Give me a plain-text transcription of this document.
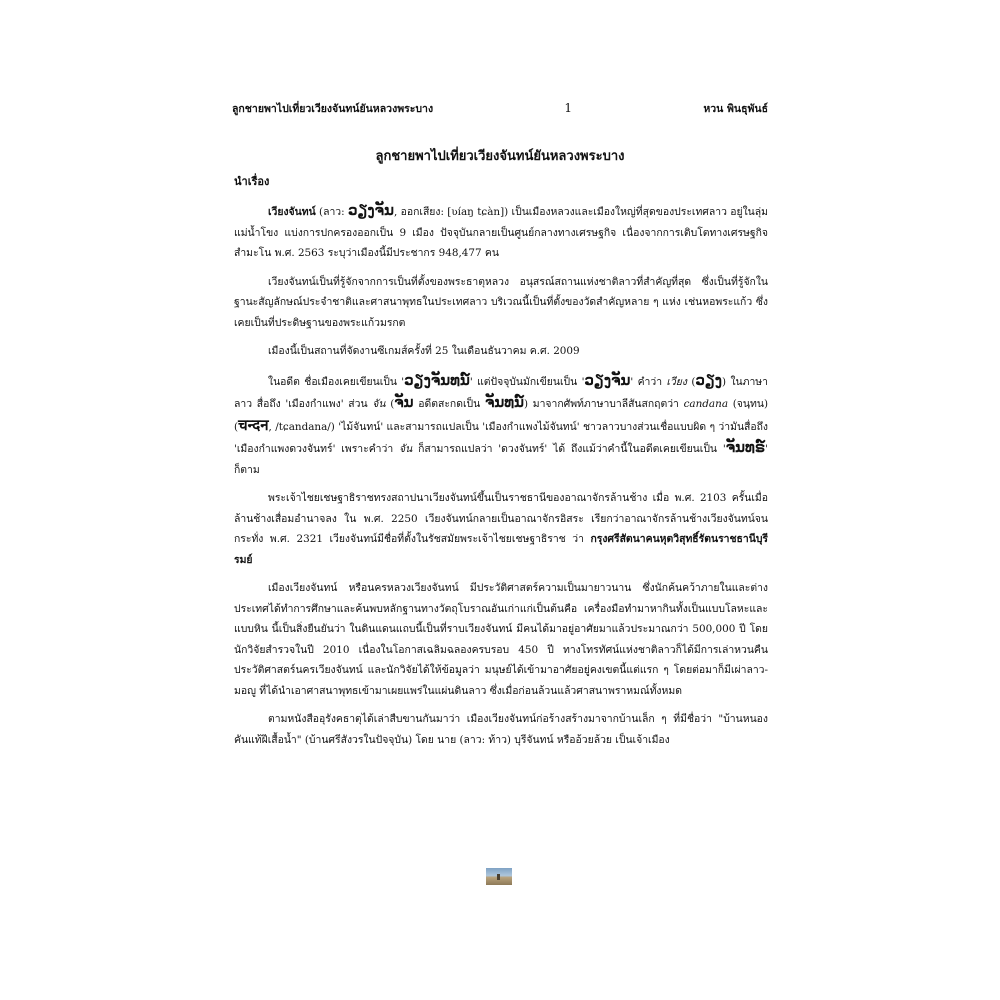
ลูกชายพาไปเที่ยวเวียงจันทน์ยันหลวงพระบาง	1	หวน พินธุพันธ์
ลูกชายพาไปเที่ยวเวียงจันทน์ยันหลวงพระบาง
นำเรื่อง

เวียงจันทน์ (ลาว: ວຽງຈັນ, ออกเสียง: [ʋíaŋ tɕàn]) เป็นเมืองหลวงและเมืองใหญ่ที่สุดของประเทศลาว อยู่ในลุ่มแม่น้ำโขง แบ่งการปกครองออกเป็น 9 เมือง ปัจจุบันกลายเป็นศูนย์กลางทางเศรษฐกิจ เนื่องจากการเติบโตทางเศรษฐกิจ สำมะโน พ.ศ. 2563 ระบุว่าเมืองนี้มีประชากร 948,477 คน

เวียงจันทน์เป็นที่รู้จักจากการเป็นที่ตั้งของพระธาตุหลวง อนุสรณ์สถานแห่งชาติลาวที่สำคัญที่สุด ซึ่งเป็นที่รู้จักในฐานะสัญลักษณ์ประจำชาติและศาสนาพุทธในประเทศลาว บริเวณนี้เป็นที่ตั้งของวัดสำคัญหลาย ๆ แห่ง เช่นหอพระแก้ว ซึ่งเคยเป็นที่ประดิษฐานของพระแก้วมรกต

เมืองนี้เป็นสถานที่จัดงานซีเกมส์ครั้งที่ 25 ในเดือนธันวาคม ค.ศ. 2009

ในอดีต ชื่อเมืองเคยเขียนเป็น 'ວຽງຈັນທນ໌' แต่ปัจจุบันมักเขียนเป็น 'ວຽງຈັນ' คำว่า เวียง (ວຽງ) ในภาษาลาว สื่อถึง 'เมืองกำแพง' ส่วน จัน (ຈັນ อดีตสะกดเป็น ຈັນທນ໌) มาจากศัพท์ภาษาบาลีสันสกฤตว่า candana (จนฺทน) (चन्दन, /tɕandana/) 'ไม้จันทน์' และสามารถแปลเป็น 'เมืองกำแพงไม้จันทน์' ชาวลาวบางส่วนเชื่อแบบผิด ๆ ว่ามันสื่อถึง 'เมืองกำแพงดวงจันทร์' เพราะคำว่า จัน ก็สามารถแปลว่า 'ดวงจันทร์' ได้ ถึงแม้ว่าคำนี้ในอดีตเคยเขียนเป็น 'ຈັນທຣ໌' ก็ตาม

พระเจ้าไชยเชษฐาธิราชทรงสถาปนาเวียงจันทน์ขึ้นเป็นราชธานีของอาณาจักรล้านช้าง เมื่อ พ.ศ. 2103 ครั้นเมื่อล้านช้างเสื่อมอำนาจลง ใน พ.ศ. 2250 เวียงจันทน์กลายเป็นอาณาจักรอิสระ เรียกว่าอาณาจักรล้านช้างเวียงจันทน์จนกระทั่ง พ.ศ. 2321 เวียงจันทน์มีชื่อที่ตั้งในรัชสมัยพระเจ้าไชยเชษฐาธิราช ว่า กรุงศรีสัตนาคนหุตวิสุทธิ์รัตนราชธานีบุรีรมย์

เมืองเวียงจันทน์ หรือนครหลวงเวียงจันทน์ มีประวัติศาสตร์ความเป็นมายาวนาน ซึ่งนักค้นคว้าภายในและต่างประเทศได้ทำการศึกษาและค้นพบหลักฐานทางวัตถุโบราณอันเก่าแก่เป็นต้นคือ เครื่องมือทำมาหากินทั้งเป็นแบบโลหะและแบบหิน นี้เป็นสิ่งยืนยันว่า ในดินแดนแถบนี้เป็นที่ราบเวียงจันทน์ มีคนได้มาอยู่อาศัยมาแล้วประมาณกว่า 500,000 ปี โดยนักวิจัยสำรวจในปี 2010 เนื่องในโอกาสเฉลิมฉลองครบรอบ 450 ปี ทางโทรทัศน์แห่งชาติลาวก็ได้มีการเล่าหวนคืนประวัติศาสตร์นครเวียงจันทน์ และนักวิจัยได้ให้ข้อมูลว่า มนุษย์ได้เข้ามาอาศัยอยู่คงเขตนี้แต่แรก ๆ โดยต่อมาก็มีเผ่าลาว-มอญู ที่ได้นำเอาศาสนาพุทธเข้ามาเผยแพร่ในแผ่นดินลาว ซึ่งเมื่อก่อนล้วนแล้วศาสนาพราหมณ์ทั้งหมด

ตามหนังสืออุรังคธาตุได้เล่าสืบขานกันมาว่า เมืองเวียงจันทน์ก่อร้างสร้างมาจากบ้านเล็ก ๆ ที่มีชื่อว่า "บ้านหนองคันแท้ฝีเสื้อน้ำ" (บ้านศรีสังวรในปัจจุบัน) โดย นาย (ลาว: ท้าว) บุรีจันทน์ หรืออ้วยล้วย เป็นเจ้าเมือง
